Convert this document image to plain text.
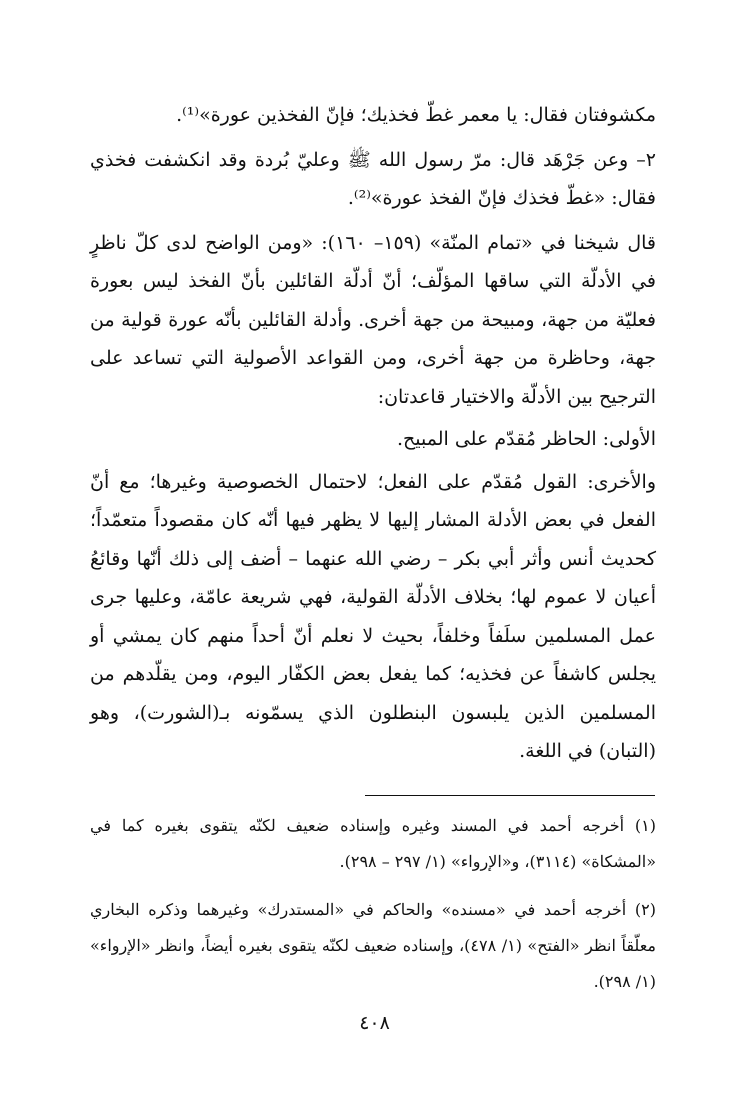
مكشوفتان فقال: يا معمر غطّ فخذيك؛ فإنّ الفخذين عورة»⁽¹⁾.

٢– وعن جَرْهَد قال: مرّ رسول الله ﷺ وعليّ بُردة وقد انكشفت فخذي فقال: «غطّ فخذك فإنّ الفخذ عورة»⁽²⁾.

قال شيخنا في «تمام المنّة» (١٥٩– ١٦٠): «ومن الواضح لدى كلّ ناظرٍ في الأدلّة التي ساقها المؤلّف؛ أنّ أدلّة القائلين بأنّ الفخذ ليس بعورة فعليّة من جهة، ومبيحة من جهة أخرى. وأدلة القائلين بأنّه عورة قولية من جهة، وحاظرة من جهة أخرى، ومن القواعد الأصولية التي تساعد على الترجيح بين الأدلّة والاختيار قاعدتان:

الأولى: الحاظر مُقدّم على المبيح.

والأخرى: القول مُقدّم على الفعل؛ لاحتمال الخصوصية وغيرها؛ مع أنّ الفعل في بعض الأدلة المشار إليها لا يظهر فيها أنّه كان مقصوداً متعمّداً؛ كحديث أنس وأثر أبي بكر – رضي الله عنهما – أضف إلى ذلك أنّها وقائعُ أعيان لا عموم لها؛ بخلاف الأدلّة القولية، فهي شريعة عامّة، وعليها جرى عمل المسلمين سلَفاً وخلفاً، بحيث لا نعلم أنّ أحداً منهم كان يمشي أو يجلس كاشفاً عن فخذيه؛ كما يفعل بعض الكفّار اليوم، ومن يقلّدهم من المسلمين الذين يلبسون البنطلون الذي يسمّونه بـ(الشورت)، وهو (التبان) في اللغة.

(١) أخرجه أحمد في المسند وغيره وإسناده ضعيف لكنّه يتقوى بغيره كما في «المشكاة» (٣١١٤)، و«الإرواء» (١/ ٢٩٧ – ٢٩٨).

(٢) أخرجه أحمد في «مسنده» والحاكم في «المستدرك» وغيرهما وذكره البخاري معلّقاً انظر «الفتح» (١/ ٤٧٨)، وإسناده ضعيف لكنّه يتقوى بغيره أيضاً، وانظر «الإرواء» (١/ ٢٩٨).

٤٠٨
